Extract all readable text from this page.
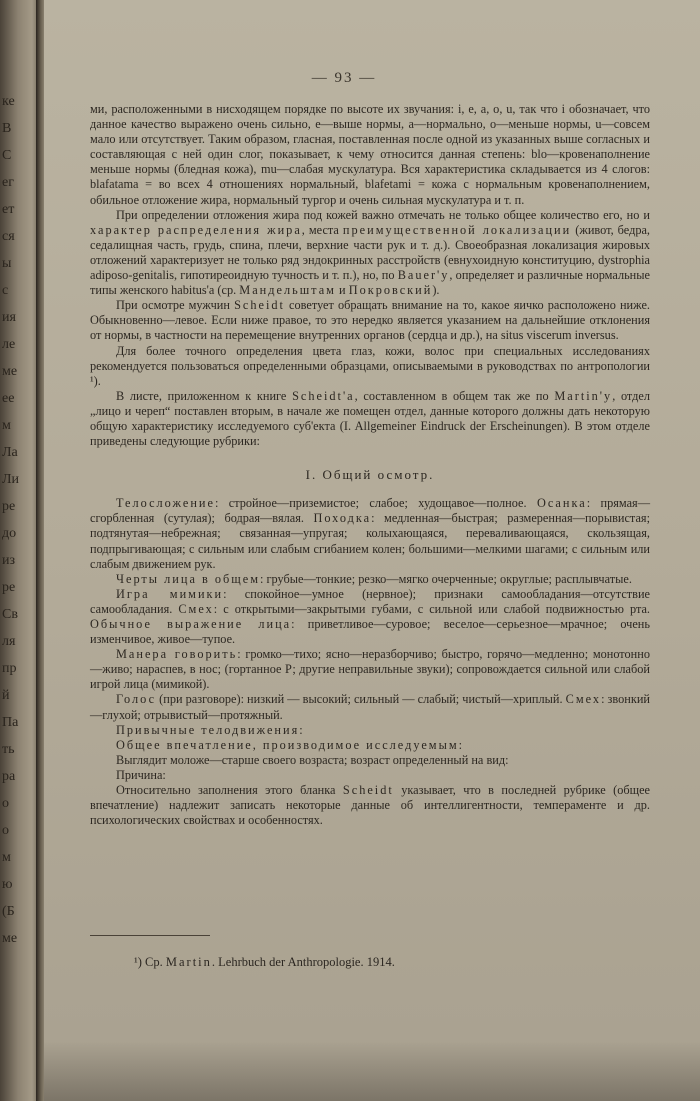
ке
В
С
ег
ет
ся
ы
с
ия
ле
ме
ее
м
Ла
Ли
ре
до
из
ре
Св
ля
пр
й
Па
ть
ра
о
о
м
ю
(Б
ме
— 93 —

ми, расположенными в нисходящем порядке по высоте их звучания: i, e, a, o, u, так что i обозначает, что данное качество выражено очень сильно, e—выше нормы, a—нормально, o—меньше нормы, u—совсем мало или отсутствует. Таким образом, гласная, поставленная после одной из указанных выше согласных и составляющая с ней один слог, показывает, к чему относится данная степень: blo—кровенаполнение меньше нормы (бледная кожа), mu—слабая мускулатура. Вся характеристика складывается из 4 слогов: blafatama = во всех 4 отношениях нормальный, blafetami = кожа с нормальным кровенаполнением, обильное отложение жира, нормальный тургор и очень сильная мускулатура и т. п.

При определении отложения жира под кожей важно отмечать не только общее количество его, но и характер распределения жира, места преимущественной локализации (живот, бедра, седалищная часть, грудь, спина, плечи, верхние части рук и т. д.). Своеобразная локализация жировых отложений характеризует не только ряд эндокринных расстройств (евнухоидную конституцию, dystrophia adiposo-genitalis, гипотиреоидную тучность и т. п.), но, по Bauer'y, определяет и различные нормальные типы женского habitus'a (ср. Мандельштам и Покровский).

При осмотре мужчин Scheidt советует обращать внимание на то, какое яичко расположено ниже. Обыкновенно—левое. Если ниже правое, то это нередко является указанием на дальнейшие отклонения от нормы, в частности на перемещение внутренних органов (сердца и др.), на situs viscerum inversus.

Для более точного определения цвета глаз, кожи, волос при специальных исследованиях рекомендуется пользоваться определенными образцами, описываемыми в руководствах по антропологии ¹).

В листе, приложенном к книге Scheidt'a, составленном в общем так же по Martin'y, отдел „лицо и череп“ поставлен вторым, в начале же помещен отдел, данные которого должны дать некоторую общую характеристику исследуемого суб'екта (I. Allgemeiner Eindruck der Erscheinungen). В этом отделе приведены следующие рубрики:

I. Общий осмотр.

Телосложение: стройное—приземистое; слабое; худощавое—полное. Осанка: прямая—сгорбленная (сутулая); бодрая—вялая. Походка: медленная—быстрая; размеренная—порывистая; подтянутая—небрежная; связанная—упругая; колыхающаяся, переваливающаяся, скользящая, подпрыгивающая; с сильным или слабым сгибанием колен; большими—мелкими шагами; с сильным или слабым движением рук.

Черты лица в общем: грубые—тонкие; резко—мягко очерченные; округлые; расплывчатые.

Игра мимики: спокойное—умное (нервное); признаки самообладания—отсутствие самообладания. Смех: с открытыми—закрытыми губами, с сильной или слабой подвижностью рта. Обычное выражение лица: приветливое—суровое; веселое—серьезное—мрачное; очень изменчивое, живое—тупое.

Манера говорить: громко—тихо; ясно—неразборчиво; быстро, горячо—медленно; монотонно—живо; нараспев, в нос; (гортанное Р; другие неправильные звуки); сопровождается сильной или слабой игрой лица (мимикой).

Голос (при разговоре): низкий — высокий; сильный — слабый; чистый—хриплый. Смех: звонкий—глухой; отрывистый—протяжный.

Привычные телодвижения:

Общее впечатление, производимое исследуемым:

Выглядит моложе—старше своего возраста; возраст определенный на вид:

Причина:

Относительно заполнения этого бланка Scheidt указывает, что в последней рубрике (общее впечатление) надлежит записать некоторые данные об интеллигентности, темпераменте и др. психологических свойствах и особенностях.

¹) Ср. Martin. Lehrbuch der Anthropologie. 1914.
